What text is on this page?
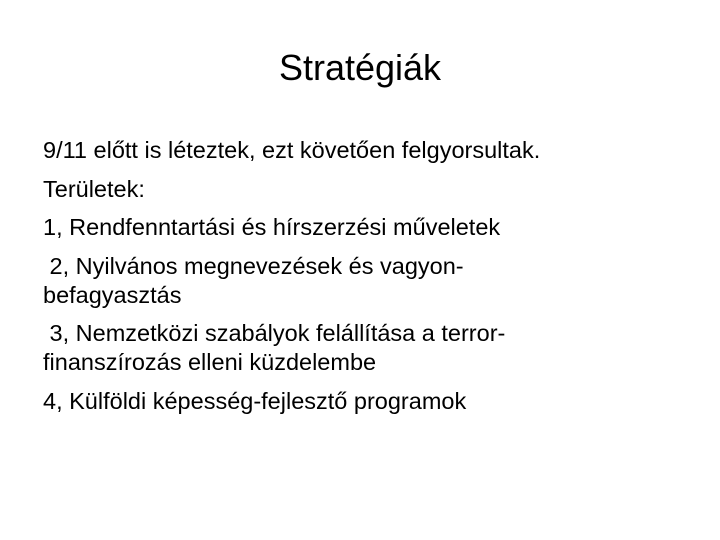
Stratégiák
9/11 előtt is léteztek, ezt követően felgyorsultak.
Területek:
1, Rendfenntartási és hírszerzési műveletek
2, Nyilvános megnevezések és vagyon-
befagyasztás
3, Nemzetközi szabályok felállítása a terror-
finanszírozás elleni küzdelembe
4, Külföldi képesség-fejlesztő programok
